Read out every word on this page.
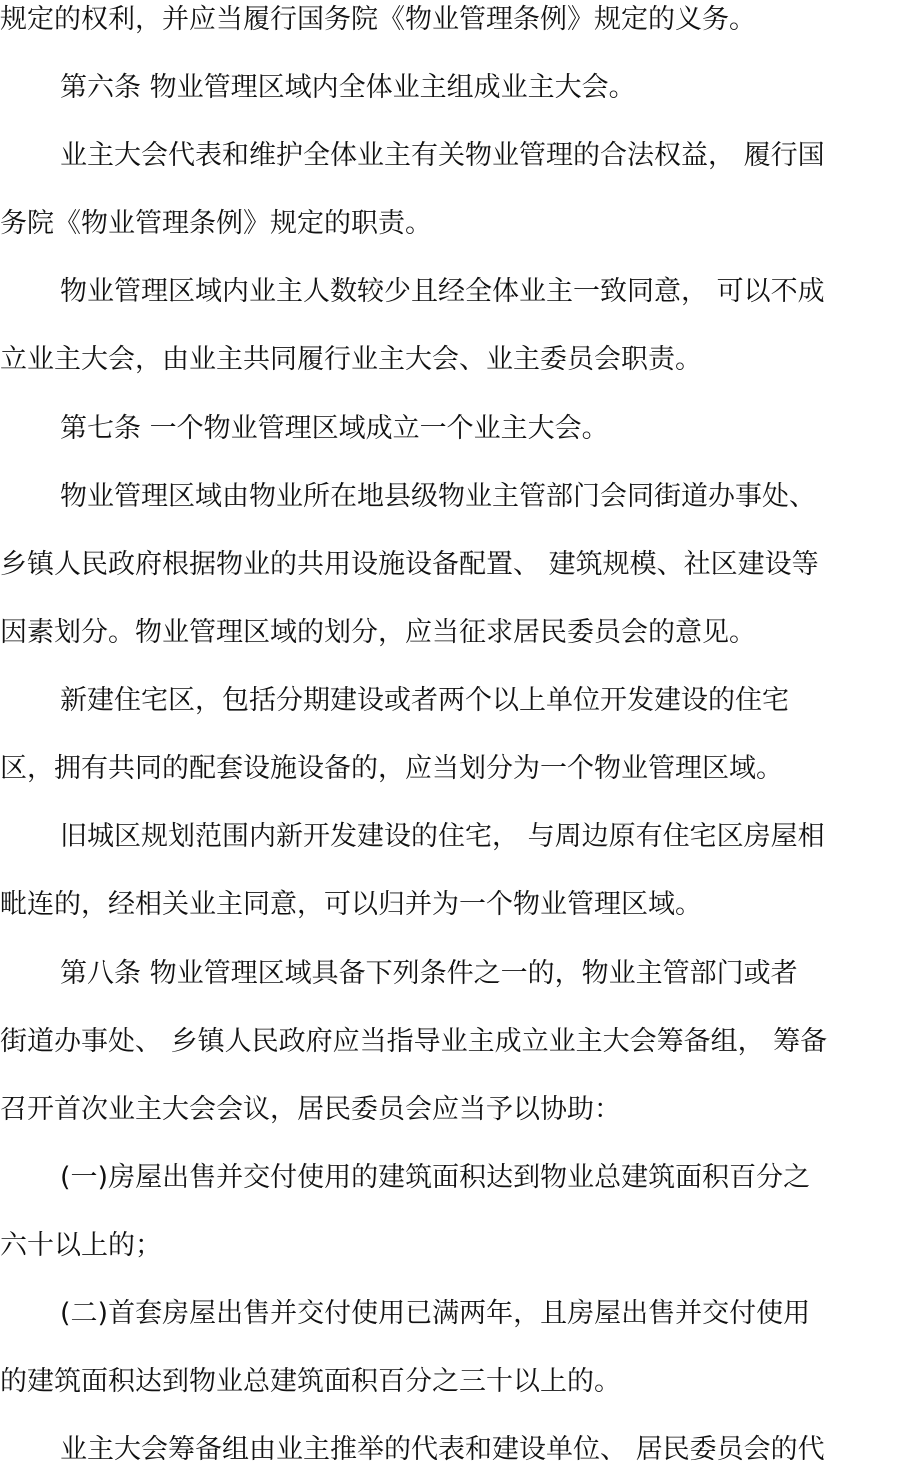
规定的权利，并应当履行国务院《物业管理条例》规定的义务。
第六条 物业管理区域内全体业主组成业主大会。
业主大会代表和维护全体业主有关物业管理的合法权益， 履行国
务院《物业管理条例》规定的职责。
物业管理区域内业主人数较少且经全体业主一致同意， 可以不成
立业主大会，由业主共同履行业主大会、业主委员会职责。
第七条 一个物业管理区域成立一个业主大会。
物业管理区域由物业所在地县级物业主管部门会同街道办事处、
乡镇人民政府根据物业的共用设施设备配置、 建筑规模、社区建设等
因素划分。物业管理区域的划分，应当征求居民委员会的意见。
新建住宅区，包括分期建设或者两个以上单位开发建设的住宅
区，拥有共同的配套设施设备的，应当划分为一个物业管理区域。
旧城区规划范围内新开发建设的住宅， 与周边原有住宅区房屋相
毗连的，经相关业主同意，可以归并为一个物业管理区域。
第八条 物业管理区域具备下列条件之一的，物业主管部门或者
街道办事处、 乡镇人民政府应当指导业主成立业主大会筹备组， 筹备
召开首次业主大会会议，居民委员会应当予以协助：
(一)房屋出售并交付使用的建筑面积达到物业总建筑面积百分之
六十以上的；
(二)首套房屋出售并交付使用已满两年，且房屋出售并交付使用
的建筑面积达到物业总建筑面积百分之三十以上的。
业主大会筹备组由业主推举的代表和建设单位、 居民委员会的代
